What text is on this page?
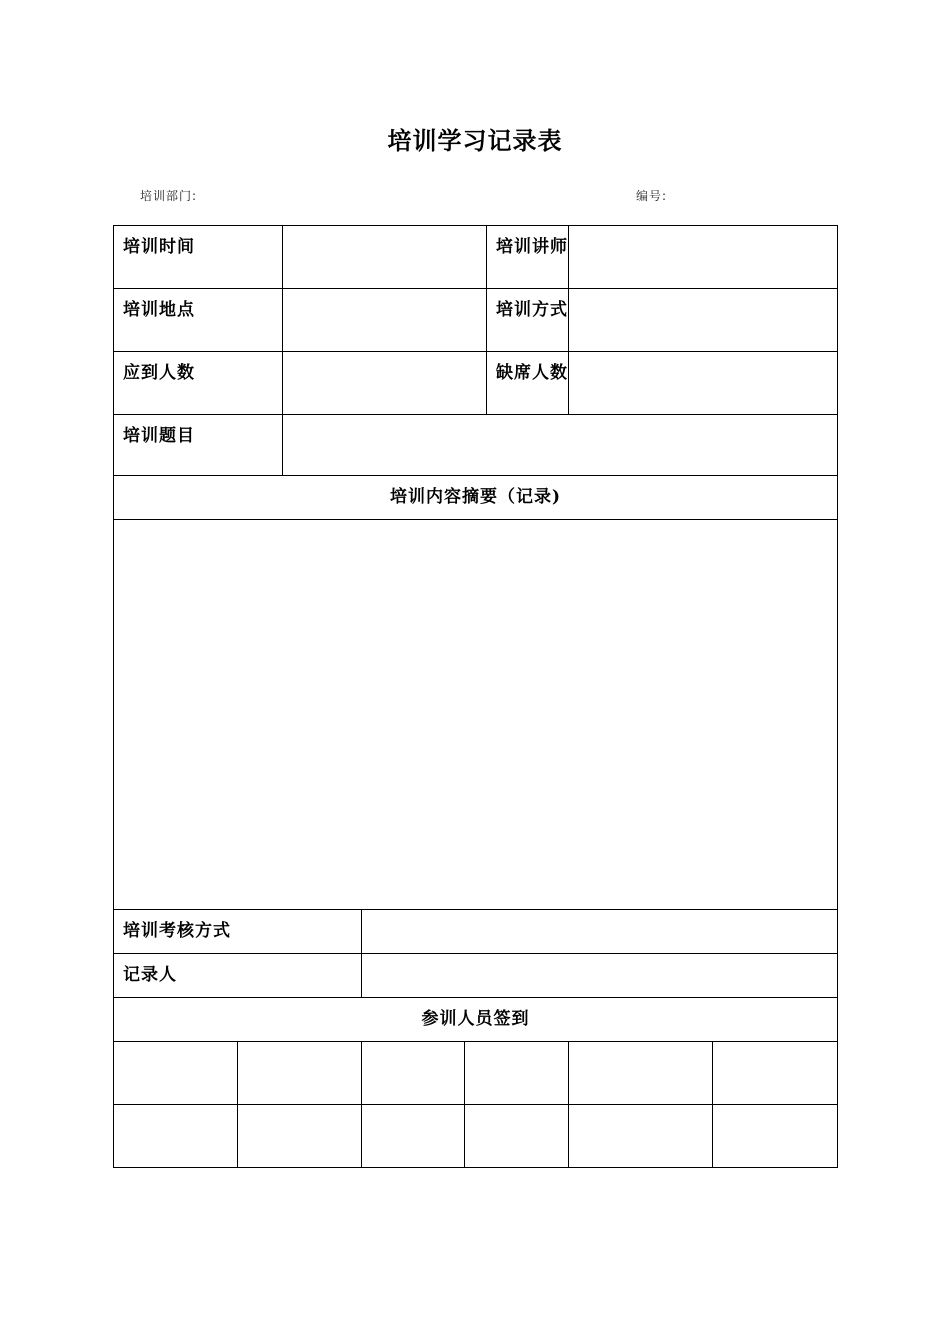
培训学习记录表
培训部门:	编号:
培训时间					培训讲师		
培训地点					培训方式		
应到人数					缺席人数		
培训题目							
培训内容摘要（记录)							

培训考核方式							
记录人							
参训人员签到							
